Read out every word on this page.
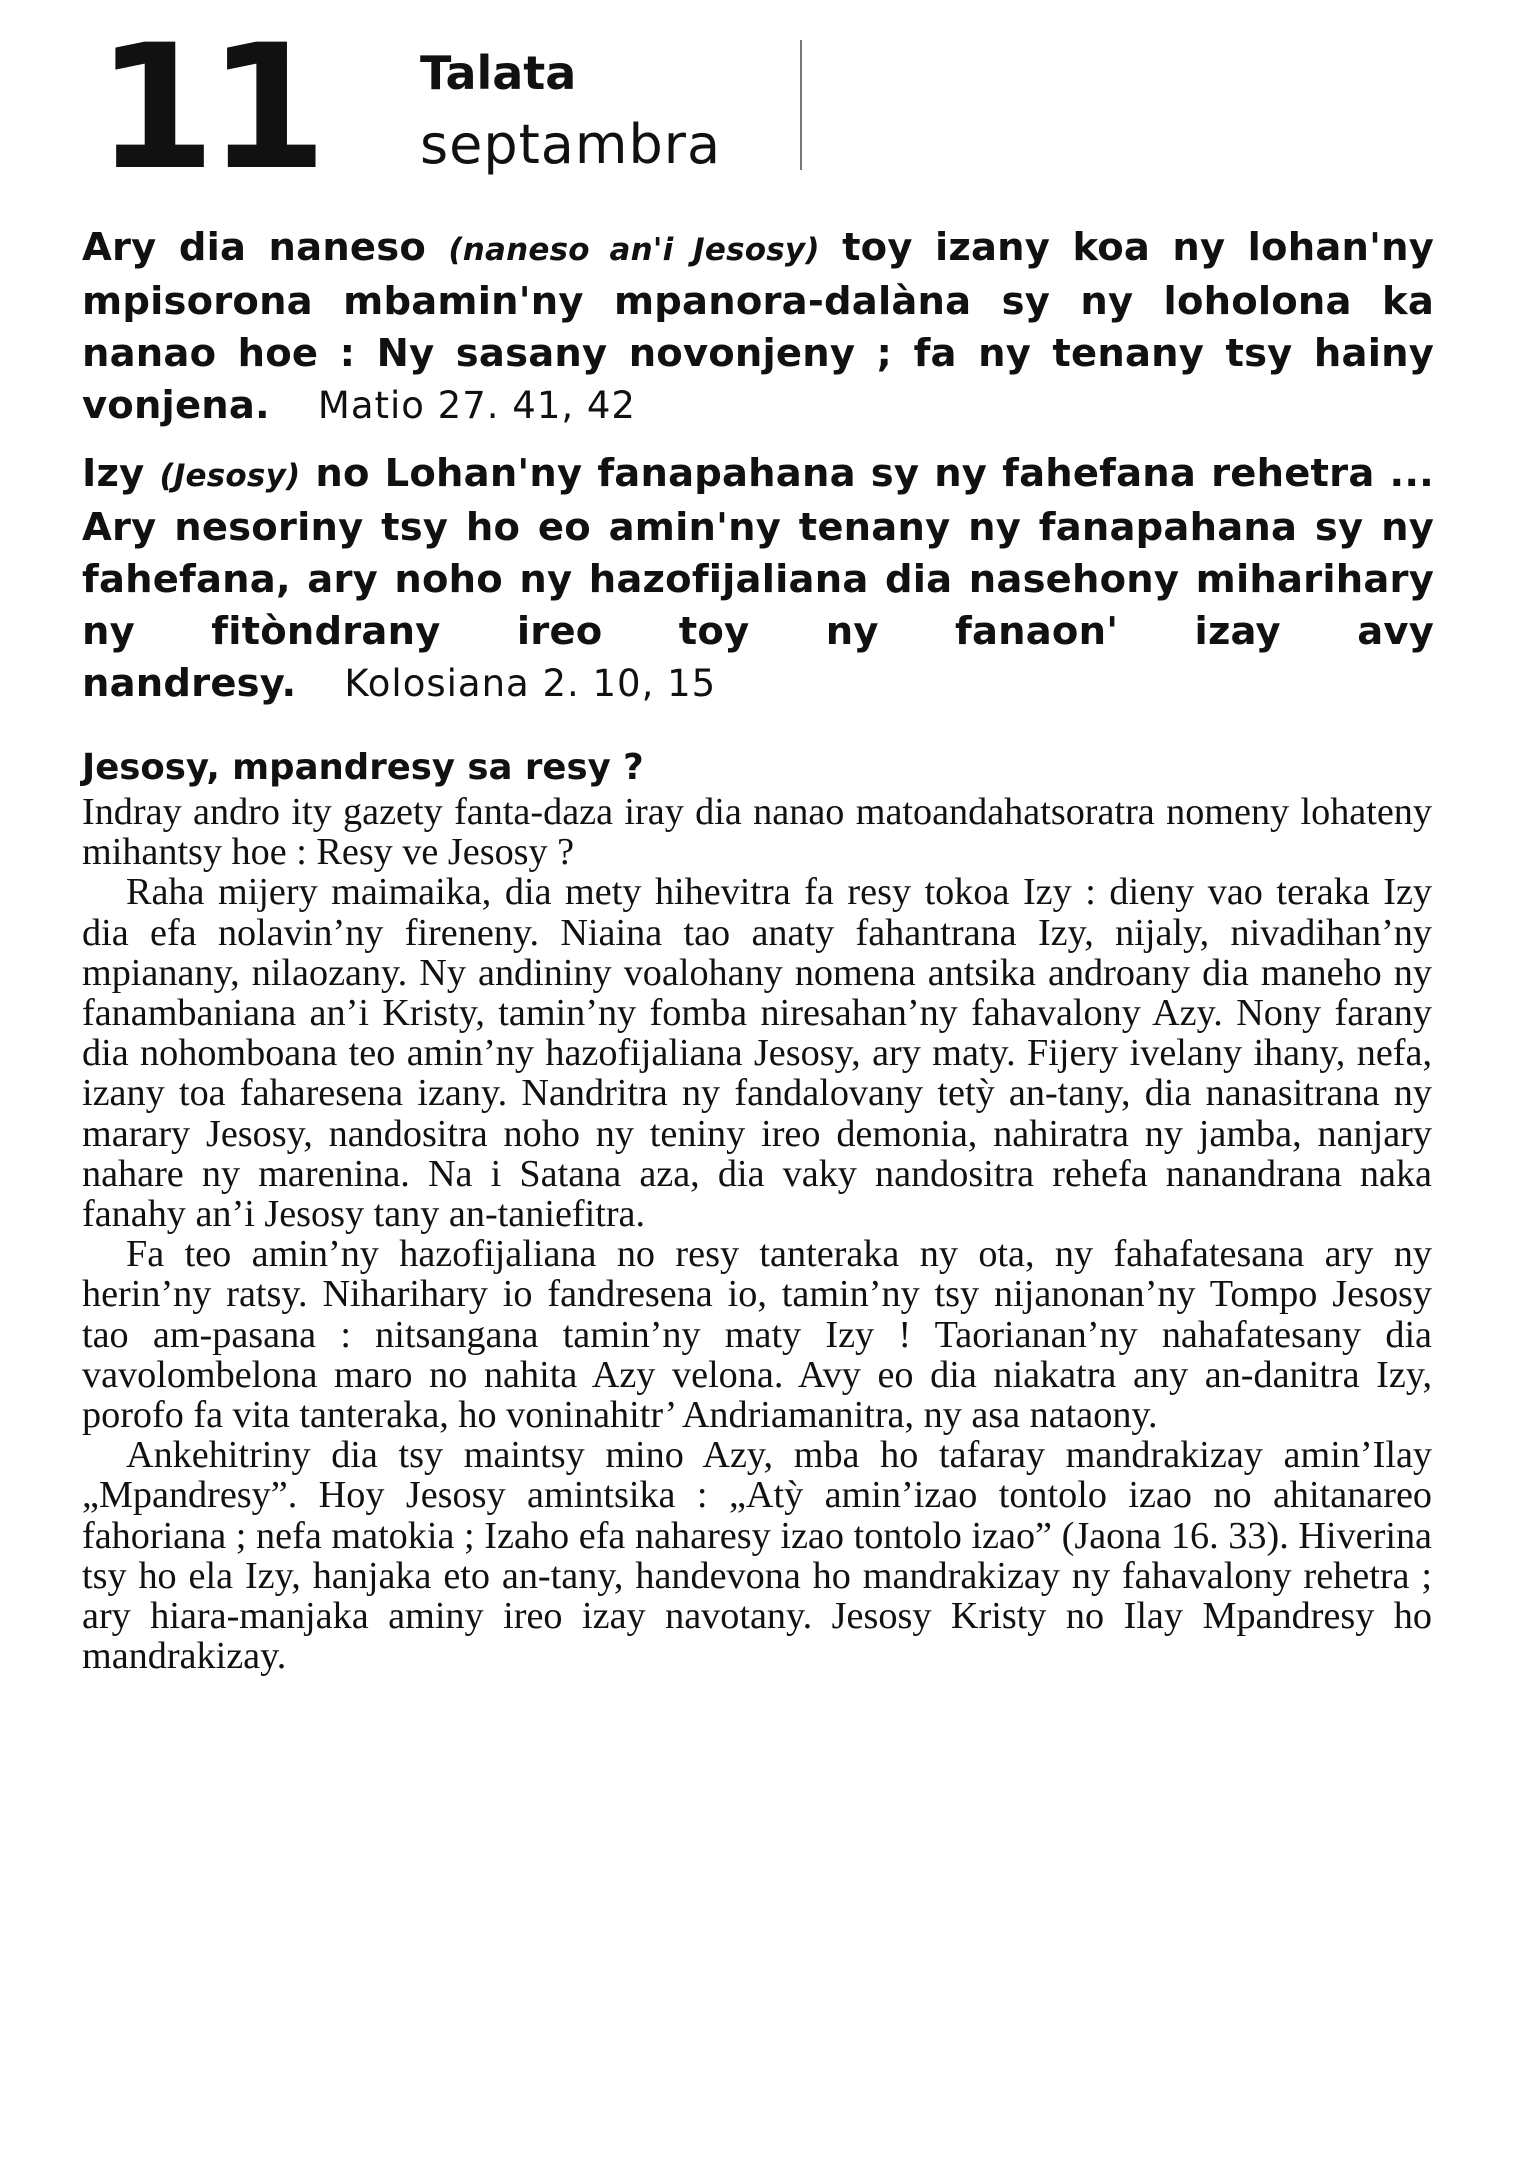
11 Talata
septambra
Ary dia naneso (naneso an'i Jesosy) toy izany koa ny lohan'ny mpisorona mbamin'ny mpanora-dalàna sy ny loholona ka nanao hoe : Ny sasany novonjeny ; fa ny tenany tsy hainy vonjena. Matio 27. 41, 42
Izy (Jesosy) no Lohan'ny fanapahana sy ny fahefana rehetra ... Ary nesoriny tsy ho eo amin'ny tenany ny fanapahana sy ny fahefana, ary noho ny hazofijaliana dia nasehony miharihary ny fitòndrany ireo toy ny fanaon' izay avy nandresy. Kolosiana 2. 10, 15
Jesosy, mpandresy sa resy ?

Indray andro ity gazety fanta-daza iray dia nanao matoandahatsoratra nomeny lohateny mihantsy hoe : Resy ve Jesosy ?

Raha mijery maimaika, dia mety hihevitra fa resy tokoa Izy : dieny vao teraka Izy dia efa nolavin’ny fireneny. Niaina tao anaty fahantrana Izy, nijaly, nivadihan’ny mpianany, nilaozany. Ny andininy voalohany nomena antsika androany dia maneho ny fanambaniana an’i Kristy, tamin’ny fomba niresahan’ny fahavalony Azy. Nony farany dia nohomboana teo amin’ny hazofijaliana Jesosy, ary maty. Fijery ivelany ihany, nefa, izany toa faharesena izany. Nandritra ny fandalovany tetỳ an-tany, dia nanasitrana ny marary Jesosy, nandositra noho ny teniny ireo demonia, nahiratra ny jamba, nanjary nahare ny marenina. Na i Satana aza, dia vaky nandositra rehefa nanandrana naka fanahy an’i Jesosy tany an-taniefitra.

Fa teo amin’ny hazofijaliana no resy tanteraka ny ota, ny fahafatesana ary ny herin’ny ratsy. Niharihary io fandresena io, tamin’ny tsy nijanonan’ny Tompo Jesosy tao am-pasana : nitsangana tamin’ny maty Izy ! Taorianan’ny nahafatesany dia vavolombelona maro no nahita Azy velona. Avy eo dia niakatra any an-danitra Izy, porofo fa vita tanteraka, ho voninahitr’ Andriamanitra, ny asa nataony.

Ankehitriny dia tsy maintsy mino Azy, mba ho tafaray mandrakizay amin’Ilay „Mpandresy”. Hoy Jesosy amintsika : „Atỳ amin’izao tontolo izao no ahitanareo fahoriana ; nefa matokia ; Izaho efa naharesy izao tontolo izao” (Jaona 16. 33). Hiverina tsy ho ela Izy, hanjaka eto an-tany, handevona ho mandrakizay ny fahavalony rehetra ; ary hiara-manjaka aminy ireo izay navotany. Jesosy Kristy no Ilay Mpandresy ho mandrakizay.
